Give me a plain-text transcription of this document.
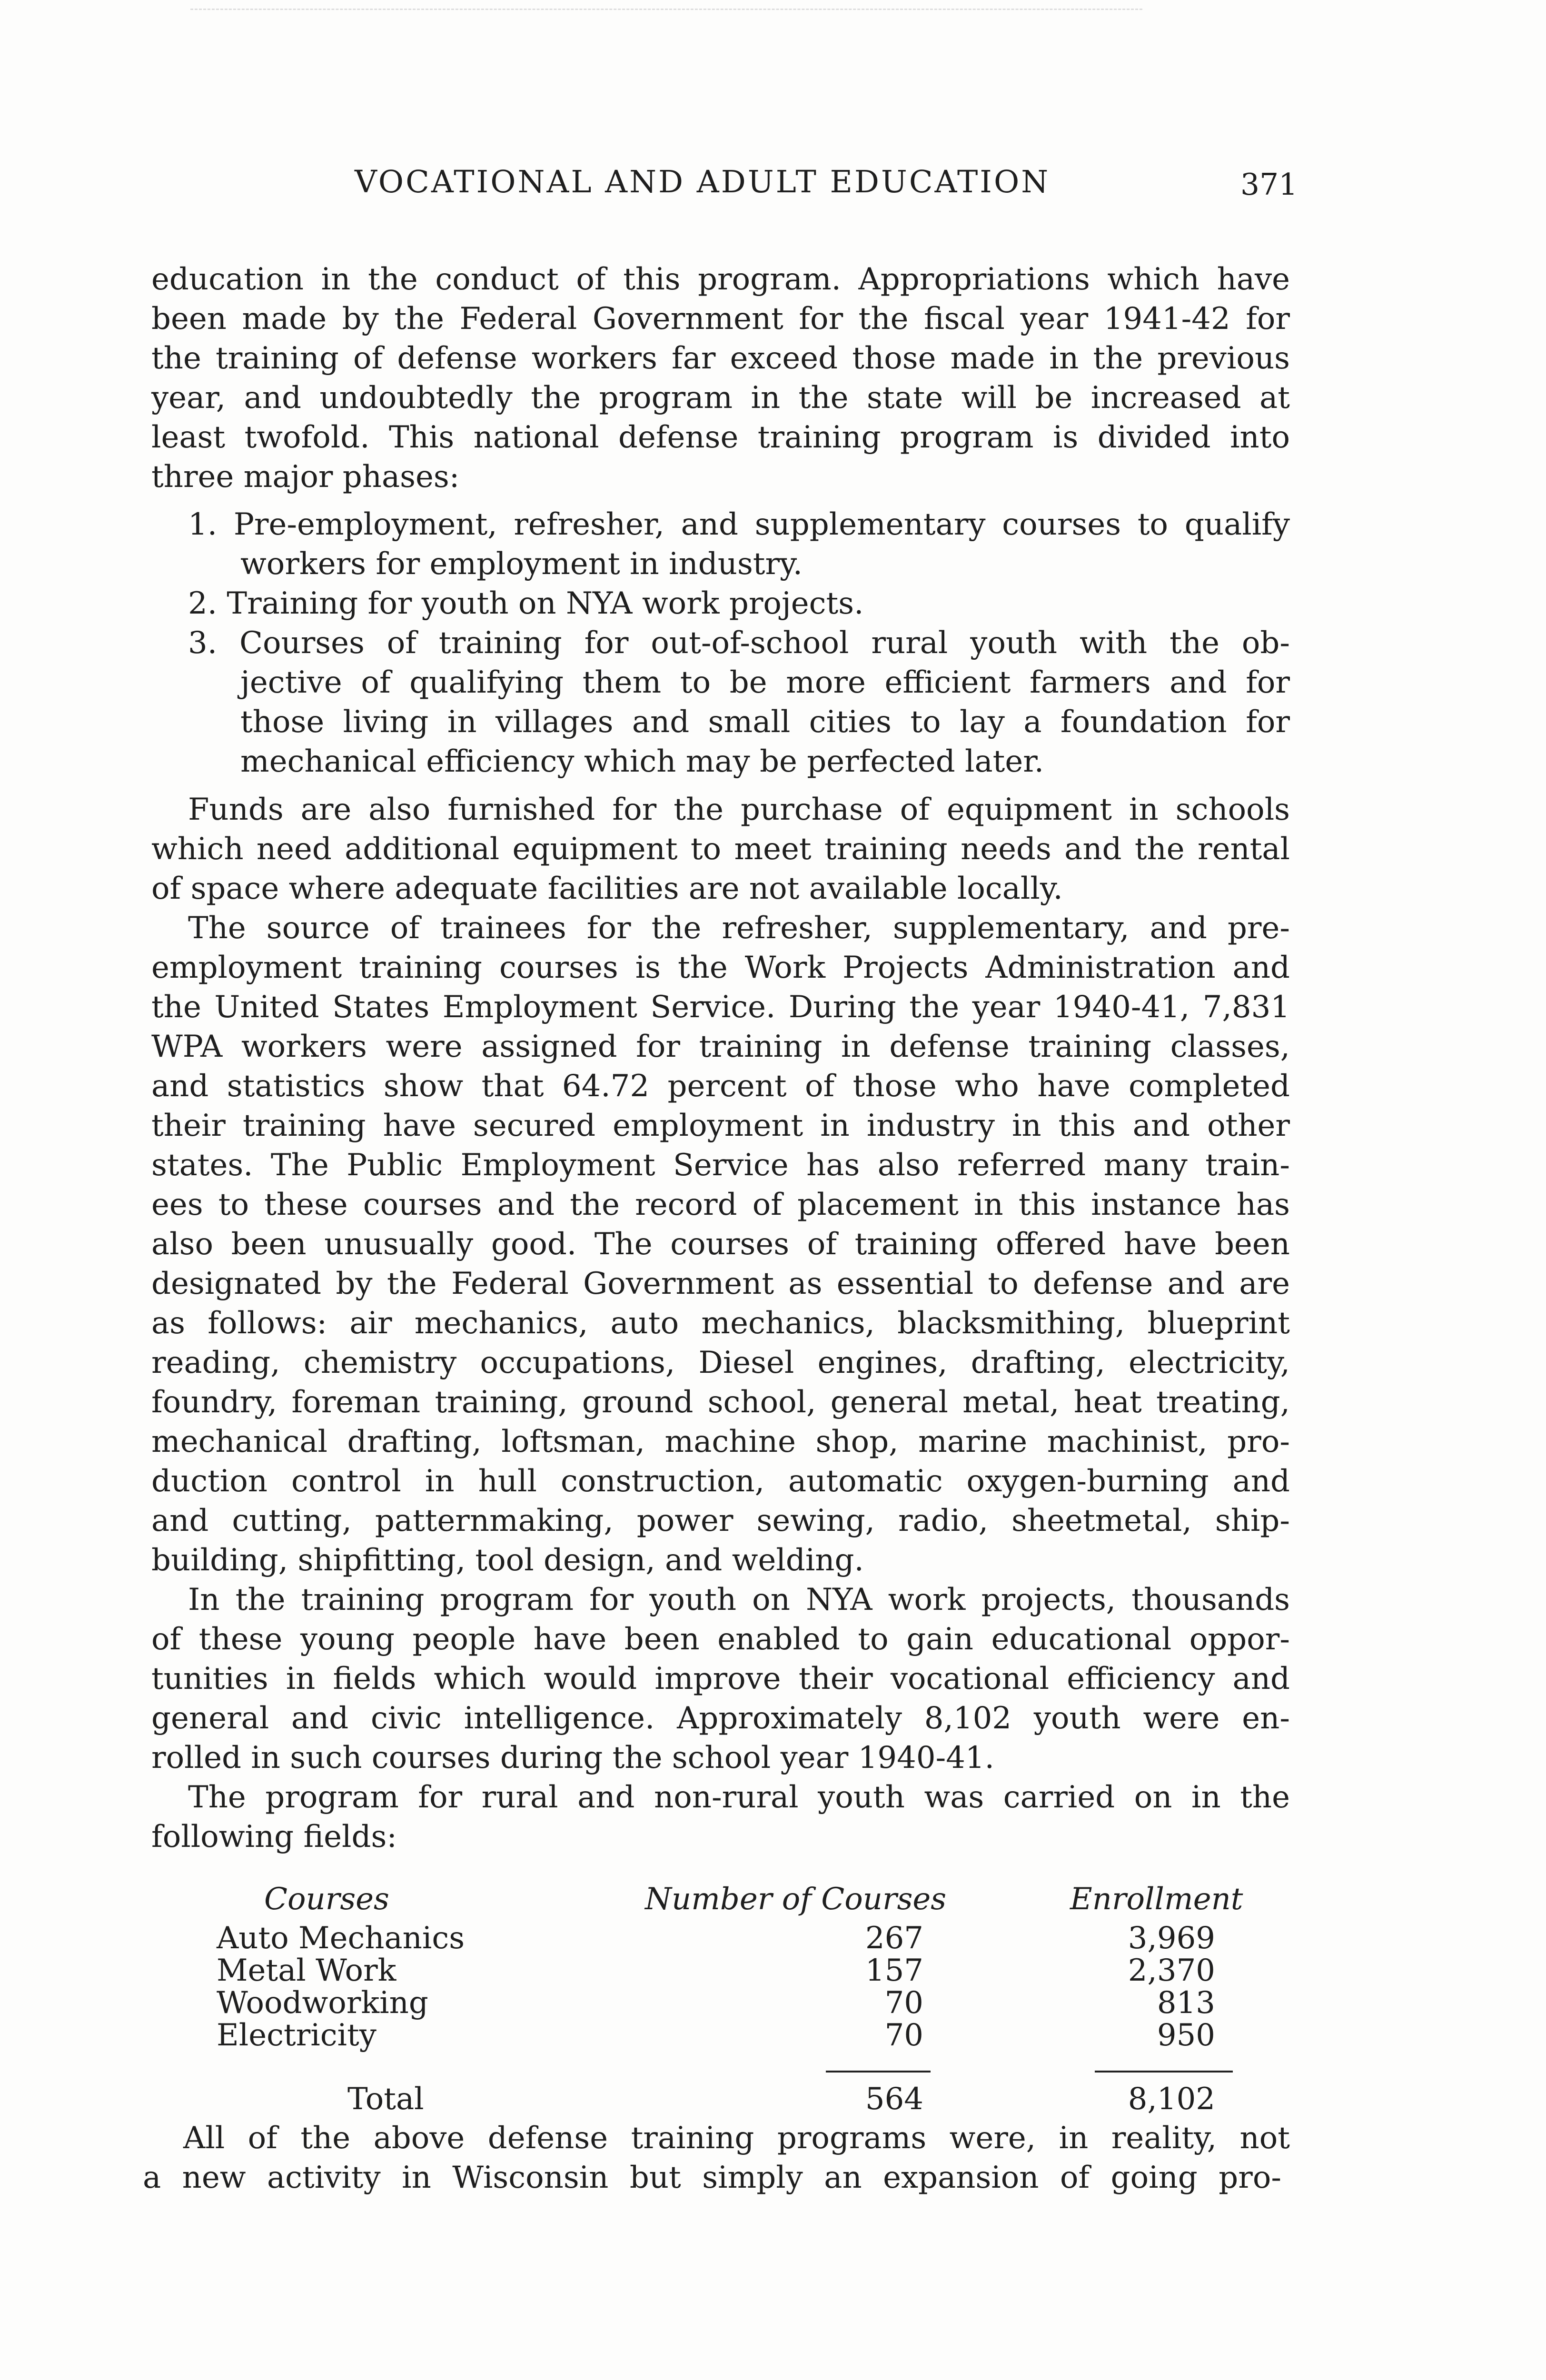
VOCATIONAL AND ADULT EDUCATION	371
education in the conduct of this program. Appropriations which have
been made by the Federal Government for the fiscal year 1941-42 for
the training of defense workers far exceed those made in the previous
year, and undoubtedly the program in the state will be increased at
least twofold. This national defense training program is divided into
three major phases:
1. Pre-employment, refresher, and supplementary courses to qualify
workers for employment in industry.
2. Training for youth on NYA work projects.
3. Courses of training for out-of-school rural youth with the ob-
jective of qualifying them to be more efficient farmers and for
those living in villages and small cities to lay a foundation for
mechanical efficiency which may be perfected later.
Funds are also furnished for the purchase of equipment in schools
which need additional equipment to meet training needs and the rental
of space where adequate facilities are not available locally.
The source of trainees for the refresher, supplementary, and pre-
employment training courses is the Work Projects Administration and
the United States Employment Service. During the year 1940-41, 7,831
WPA workers were assigned for training in defense training classes,
and statistics show that 64.72 percent of those who have completed
their training have secured employment in industry in this and other
states. The Public Employment Service has also referred many train-
ees to these courses and the record of placement in this instance has
also been unusually good. The courses of training offered have been
designated by the Federal Government as essential to defense and are
as follows: air mechanics, auto mechanics, blacksmithing, blueprint
reading, chemistry occupations, Diesel engines, drafting, electricity,
foundry, foreman training, ground school, general metal, heat treating,
mechanical drafting, loftsman, machine shop, marine machinist, pro-
duction control in hull construction, automatic oxygen-burning and
and cutting, patternmaking, power sewing, radio, sheetmetal, ship-
building, shipfitting, tool design, and welding.
In the training program for youth on NYA work projects, thousands
of these young people have been enabled to gain educational oppor-
tunities in fields which would improve their vocational efficiency and
general and civic intelligence. Approximately 8,102 youth were en-
rolled in such courses during the school year 1940-41.
The program for rural and non-rural youth was carried on in the
following fields:
Courses	Number of Courses	Enrollment
Auto Mechanics	267	3,969
Metal Work	157	2,370
Woodworking	70	813
Electricity	70	950
Total	564	8,102
All of the above defense training programs were, in reality, not
a new activity in Wisconsin but simply an expansion of going pro-
